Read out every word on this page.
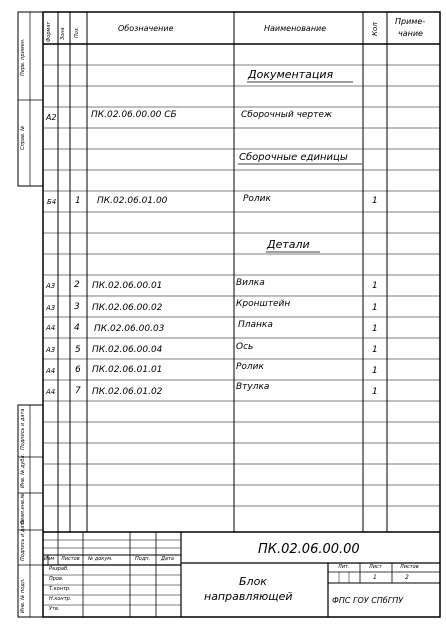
Формат Зона Поз.	Обозначение	Наименование	Кол
Приме-
чание
Перв. примен.
Справ. №
Подпись и дата
Инв. № дубл.
Взам.инв.№
Подпись и дата
Инв. № подл.
Документация
Сборочные единицы
Детали
А2	ПК.02.06.00.00 СБ	Сборочный чертеж
Б4 1 ПК.02.06.01.00	Ролик	1
А3 2 ПК.02.06.00.01	Вилка	1
А3 3 ПК.02.06.00.02	Кронштейн	1
А4 4 ПК.02.06.00.03	Планка	1
А3 5 ПК.02.06.00.04	Ось	1
А4 6 ПК.02.06.01.01	Ролик	1
А4 7 ПК.02.06.01.02	Втулка	1
ПК.02.06.00.00
Блок
направляющей	ФПС ГОУ СПбГПУ
Изм Листов № докум.	Подп. Дата
Разраб.
Пров.
Т.контр.
Н.контр.
Утв.
Лит.	Лист	Листов
1	2
